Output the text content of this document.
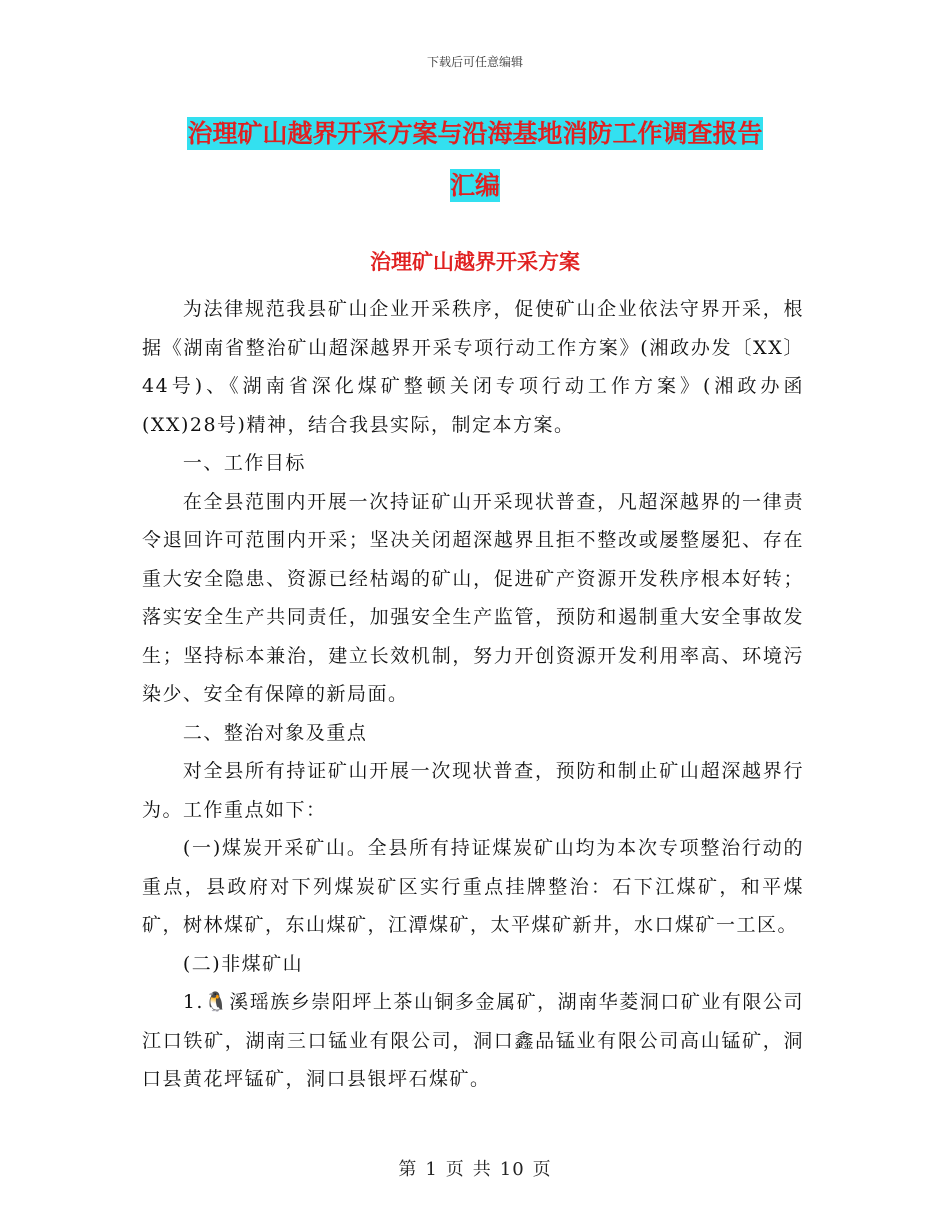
下载后可任意编辑
治理矿山越界开采方案与沿海基地消防工作调查报告
汇编
治理矿山越界开采方案

为法律规范我县矿山企业开采秩序，促使矿山企业依法守界开采，根据《湖南省整治矿山超深越界开采专项行动工作方案》(湘政办发〔XX〕44号)、《湖南省深化煤矿整顿关闭专项行动工作方案》(湘政办函(XX)28号)精神，结合我县实际，制定本方案。

一、工作目标

在全县范围内开展一次持证矿山开采现状普查，凡超深越界的一律责令退回许可范围内开采；坚决关闭超深越界且拒不整改或屡整屡犯、存在重大安全隐患、资源已经枯竭的矿山，促进矿产资源开发秩序根本好转；落实安全生产共同责任，加强安全生产监管，预防和遏制重大安全事故发生；坚持标本兼治，建立长效机制，努力开创资源开发利用率高、环境污染少、安全有保障的新局面。

二、整治对象及重点

对全县所有持证矿山开展一次现状普查，预防和制止矿山超深越界行为。工作重点如下：

(一)煤炭开采矿山。全县所有持证煤炭矿山均为本次专项整治行动的重点，县政府对下列煤炭矿区实行重点挂牌整治：石下江煤矿，和平煤矿，树林煤矿，东山煤矿，江潭煤矿，太平煤矿新井，水口煤矿一工区。

(二)非煤矿山

1.🐧溪瑶族乡崇阳坪上茶山铜多金属矿，湖南华菱洞口矿业有限公司江口铁矿，湖南三口锰业有限公司，洞口鑫品锰业有限公司高山锰矿，洞口县黄花坪锰矿，洞口县银坪石煤矿。

第 1 页 共 10 页
